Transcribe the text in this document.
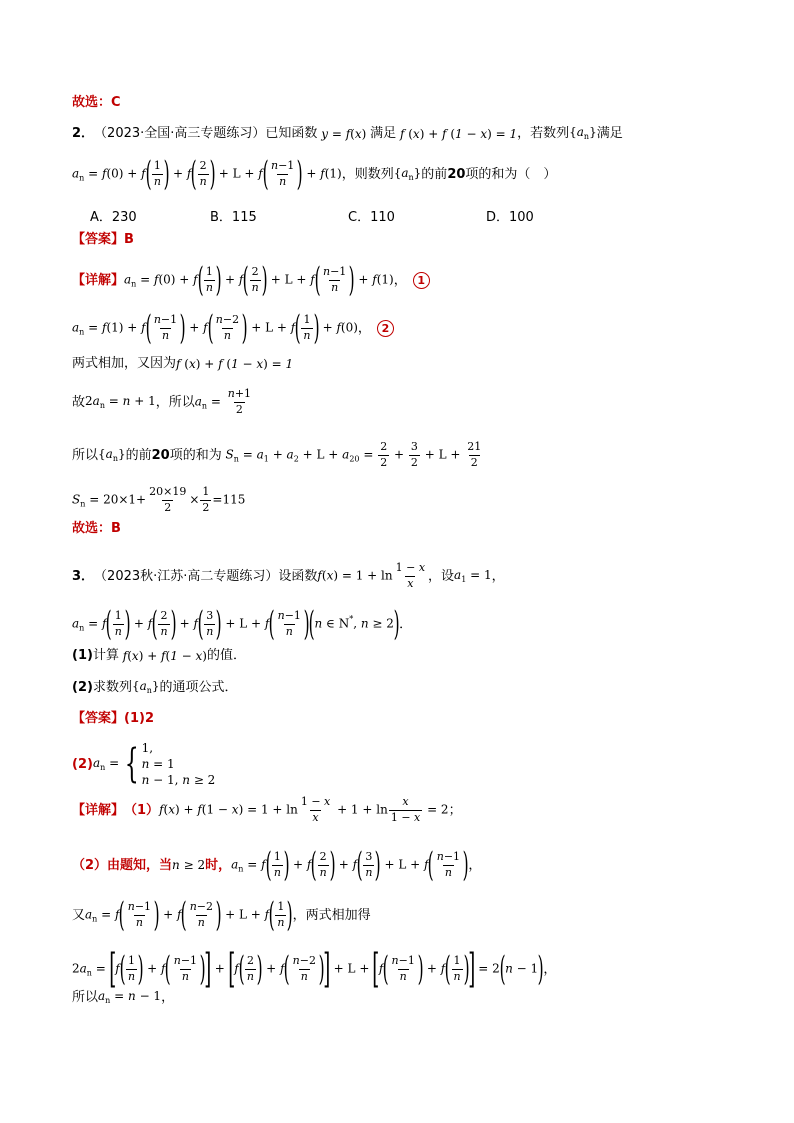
故选：C
2． （2023·全国·高三专题练习） 已知函数 y = f(x) 满足 f (x) + f (1 − x) = 1 ，若数列 $\{a_n\}$ 满足
$a_n = f(0) + f( \frac{1}{n}$ ) + $f( \frac{2}{n}$ ) + $L + f( \frac{n-1}{n}$ ) + f(1) ，则数列 $\{a_n\}$ 的前 20 项的和为（　）
A．230	B．115	C．110	D．100
【答案】 B
【详解】 $a_n = f(0) + f( \frac{1}{n}$ ) + $f( \frac{2}{n}$ ) + $L + f( \frac{n-1}{n}$ ) + f(1) ， 1
$a_n = f(1) + f( \frac{n-1}{n}$ ) + $f( \frac{n-2}{n}$ ) + $L + f( \frac{1}{n}$ ) + f(0) ， 2
两式相加，又因为 f (x) + f (1 − x) = 1
故 $2a_n = n + 1$ ，所以 $a_n = \frac{n+1}{2}$
所以 $\{a_n\}$ 的前 20 项的和为 $S_n = a_1 + a_2 + L + a_{20} = \frac{2}{2} + \frac{3}{2} + L + \frac{21}{2}$
$S_n = 20\times 1+ \frac{20\times 19}{2} \times \frac{1}{2} =115$
故选：B
3． （2023秋·江苏·高二专题练习） 设函数 $f(x) = 1 + \ln \frac{1 - x}{x}$ ，设 $a_1 = 1$ ，
$a_n = f( \frac{1}{n}$ ) + $f( \frac{2}{n}$ ) + $f( \frac{3}{n}$ ) + $L + f( \frac{n-1}{n} )(n$ ∈ N*, n ≥ 2) ．
(1) 计算 f(x) + f(1 − x) 的值．
(2) 求数列 $\{a_n\}$ 的通项公式．
【答案】 (1)2
(2) $a_n$ = { 1,
n = 1
n − 1, n ≥ 2
【详解】 （1） $f(x) + f(1 - x) = 1 + \ln \frac{1 - x}{x} + 1 + \ln \frac{x}{1 - x} = 2$ ；
（2）由题知，当 n ≥ 2 时， $a_n = f( \frac{1}{n}$ ) + $f( \frac{2}{n}$ ) + $f( \frac{3}{n}$ ) + $L + f( \frac{n-1}{n}$ ) ，
又 $a_n = f( \frac{n-1}{n}$ ) + $f( \frac{n-2}{n}$ ) + $L + f( \frac{1}{n}$ ) ，两式相加得
$2a_n = [f( \frac{1}{n}$ ) + $f( \frac{n-1}{n}$ )] + [$f( \frac{2}{n}$ ) + $f( \frac{n-2}{n}$ )] + $L + [f( \frac{n-1}{n}$ ) + $f( \frac{1}{n}$ )] = 2(n − 1) ，
所以 $a_n = n - 1$ ，
